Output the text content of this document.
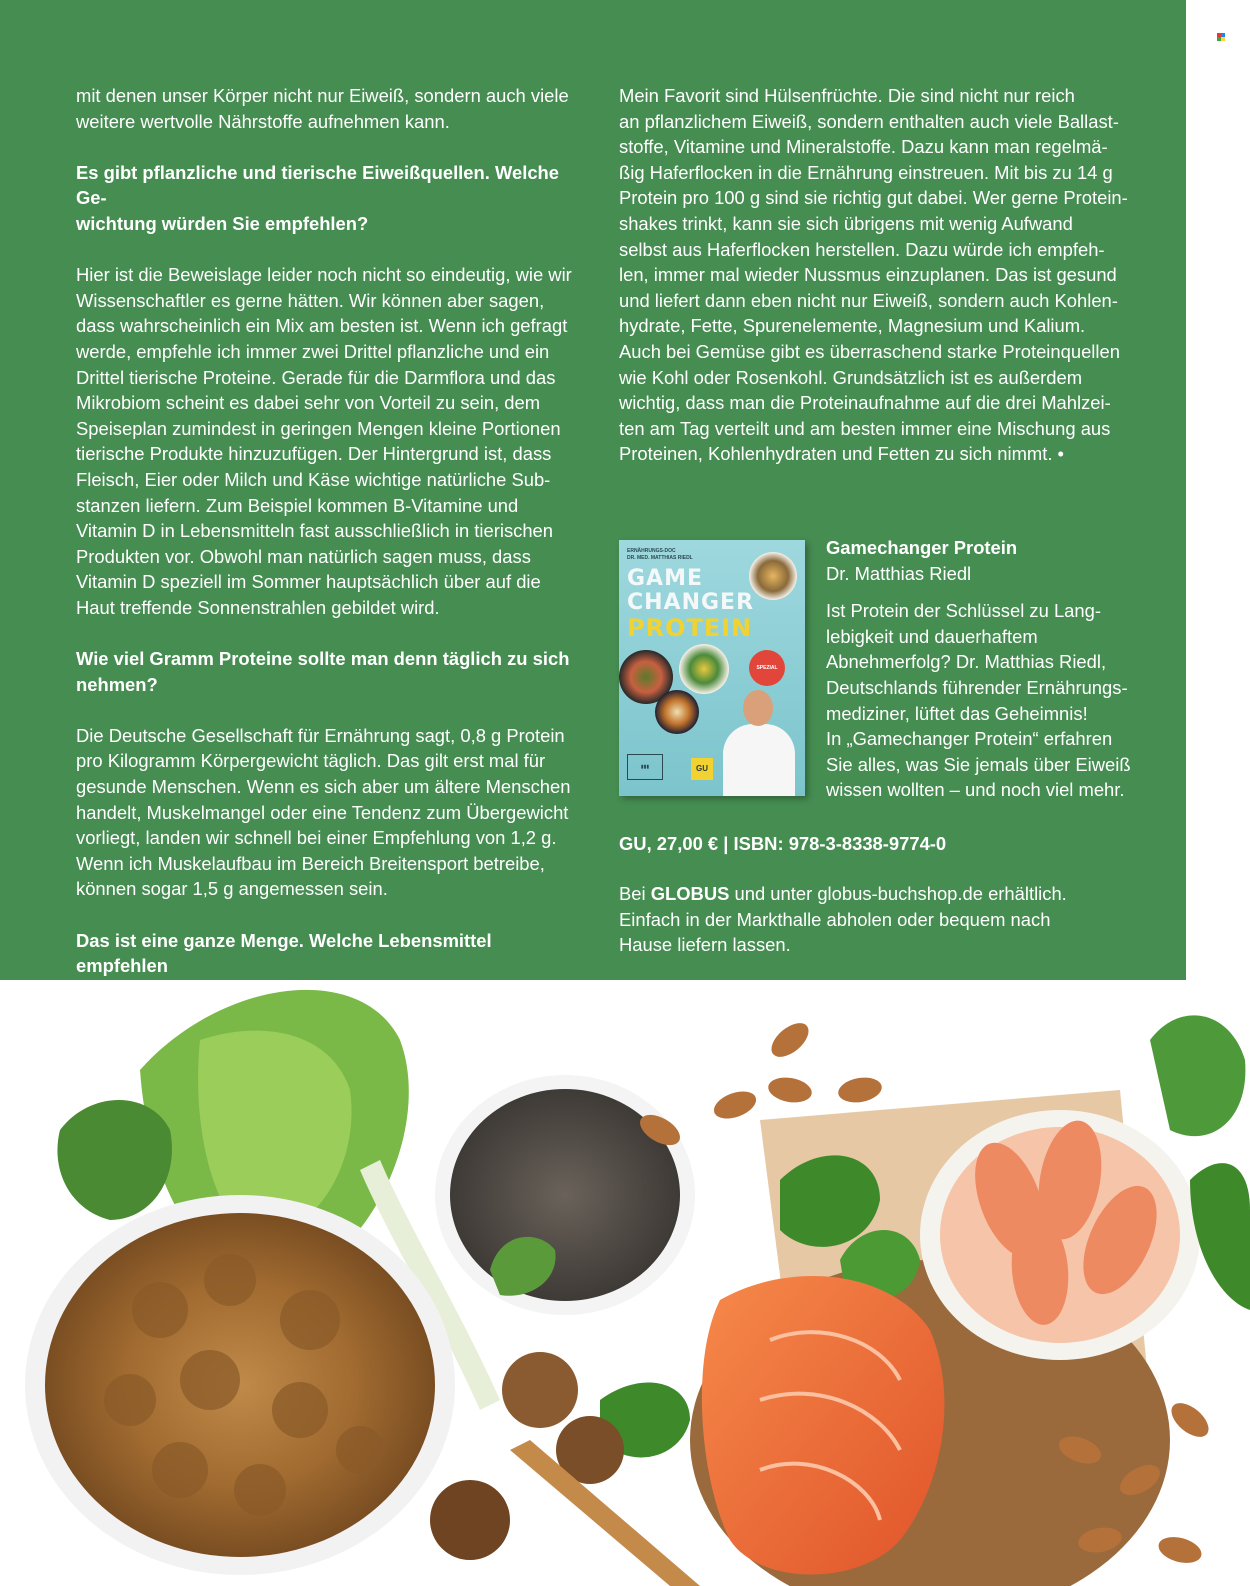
mit denen unser Körper nicht nur Eiweiß, sondern auch viele
weitere wertvolle Nährstoffe aufnehmen kann.

Es gibt pflanzliche und tierische Eiweißquellen. Welche Ge-
wichtung würden Sie empfehlen?

Hier ist die Beweislage leider noch nicht so eindeutig, wie wir
Wissenschaftler es gerne hätten. Wir können aber sagen,
dass wahrscheinlich ein Mix am besten ist. Wenn ich gefragt
werde, empfehle ich immer zwei Drittel pflanzliche und ein
Drittel tierische Proteine. Gerade für die Darmflora und das
Mikrobiom scheint es dabei sehr von Vorteil zu sein, dem
Speiseplan zumindest in geringen Mengen kleine Portionen
tierische Produkte hinzuzufügen. Der Hintergrund ist, dass
Fleisch, Eier oder Milch und Käse wichtige natürliche Sub-
stanzen liefern. Zum Beispiel kommen B-Vitamine und
Vitamin D in Lebensmitteln fast ausschließlich in tierischen
Produkten vor. Obwohl man natürlich sagen muss, dass
Vitamin D speziell im Sommer hauptsächlich über auf die
Haut treffende Sonnenstrahlen gebildet wird.

Wie viel Gramm Proteine sollte man denn täglich zu sich
nehmen?

Die Deutsche Gesellschaft für Ernährung sagt, 0,8 g Protein
pro Kilogramm Körpergewicht täglich. Das gilt erst mal für
gesunde Menschen. Wenn es sich aber um ältere Menschen
handelt, Muskelmangel oder eine Tendenz zum Übergewicht
vorliegt, landen wir schnell bei einer Empfehlung von 1,2 g.
Wenn ich Muskelaufbau im Bereich Breitensport betreibe,
können sogar 1,5 g angemessen sein.

Das ist eine ganze Menge. Welche Lebensmittel empfehlen

Mein Favorit sind Hülsenfrüchte. Die sind nicht nur reich
an pflanzlichem Eiweiß, sondern enthalten auch viele Ballast-
stoffe, Vitamine und Mineralstoffe. Dazu kann man regelmä-
ßig Haferflocken in die Ernährung einstreuen. Mit bis zu 14 g
Protein pro 100 g sind sie richtig gut dabei. Wer gerne Protein-
shakes trinkt, kann sie sich übrigens mit wenig Aufwand
selbst aus Haferflocken herstellen. Dazu würde ich empfeh-
len, immer mal wieder Nussmus einzuplanen. Das ist gesund
und liefert dann eben nicht nur Eiweiß, sondern auch Kohlen-
hydrate, Fette, Spurenelemente, Magnesium und Kalium.
Auch bei Gemüse gibt es überraschend starke Proteinquellen
wie Kohl oder Rosenkohl. Grundsätzlich ist es außerdem
wichtig, dass man die Proteinaufnahme auf die drei Mahlzei-
ten am Tag verteilt und am besten immer eine Mischung aus
Proteinen, Kohlenhydraten und Fetten zu sich nimmt. •

ERNÄHRUNGS-DOC
DR. MED. MATTHIAS RIEDL
GAME
CHANGER
PROTEIN
SPEZIAL
▮▮▮	GU

Gamechanger Protein

Dr. Matthias Riedl

Ist Protein der Schlüssel zu Lang-
lebigkeit und dauerhaftem
Abnehmerfolg? Dr. Matthias Riedl,
Deutschlands führender Ernährungs-
mediziner, lüftet das Geheimnis!
In „Gamechanger Protein“ erfahren
Sie alles, was Sie jemals über Eiweiß
wissen wollten – und noch viel mehr.

GU, 27,00 € | ISBN: 978-3-8338-9774-0

Bei GLOBUS und unter globus-buchshop.de erhältlich.

Einfach in der Markthalle abholen oder bequem nach

Hause liefern lassen.
